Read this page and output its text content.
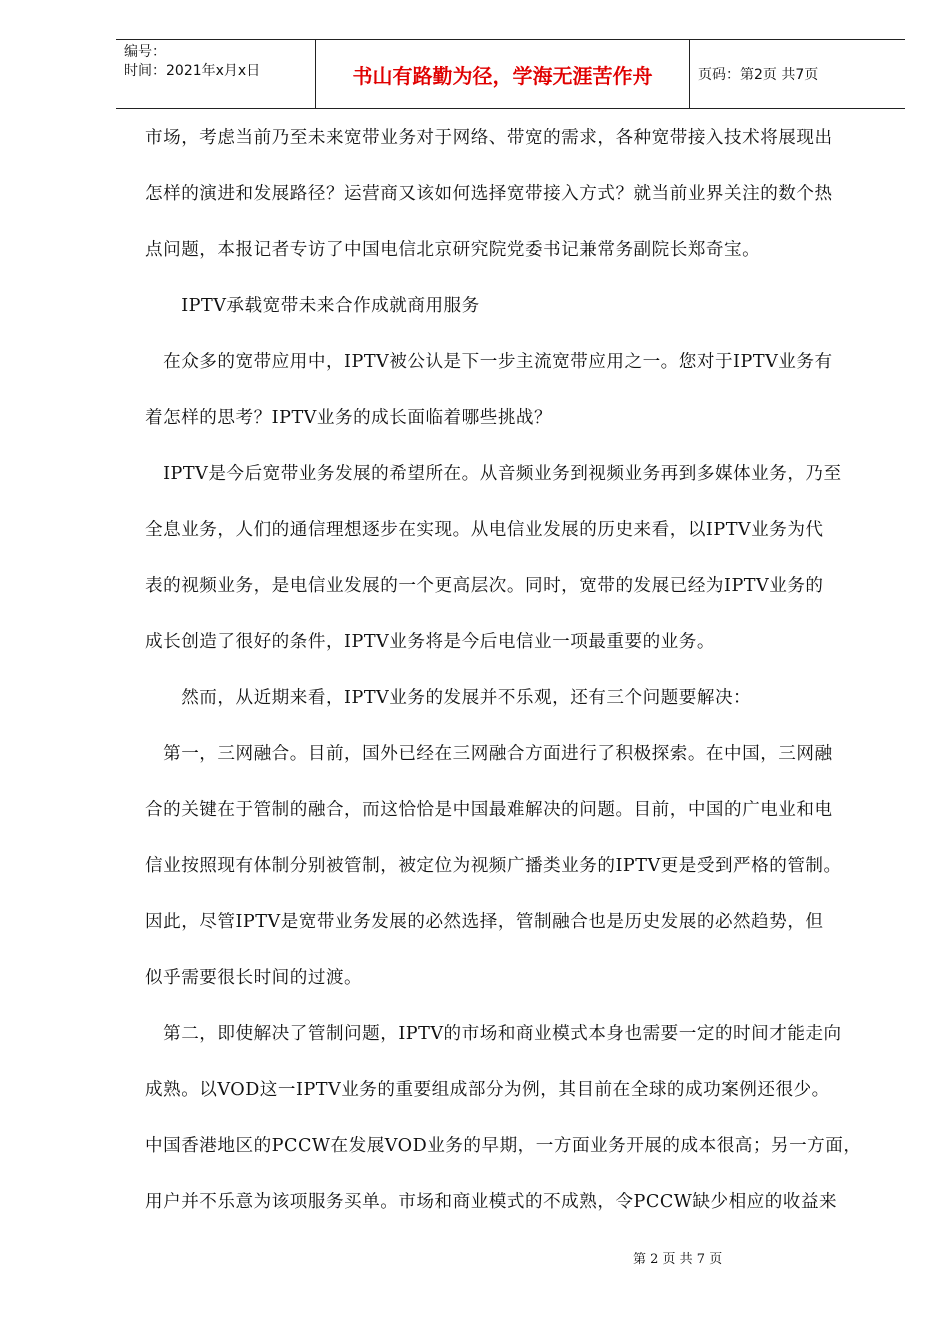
编号：
时间：2021年x月x日	书山有路勤为径，学海无涯苦作舟	页码：第2页 共7页
市场，考虑当前乃至未来宽带业务对于网络、带宽的需求，各种宽带接入技术将展现出
怎样的演进和发展路径？运营商又该如何选择宽带接入方式？就当前业界关注的数个热
点问题，本报记者专访了中国电信北京研究院党委书记兼常务副院长郑奇宝。
　　IPTV承载宽带未来合作成就商用服务
　在众多的宽带应用中，IPTV被公认是下一步主流宽带应用之一。您对于IPTV业务有
着怎样的思考？IPTV业务的成长面临着哪些挑战？
　IPTV是今后宽带业务发展的希望所在。从音频业务到视频业务再到多媒体业务，乃至
全息业务，人们的通信理想逐步在实现。从电信业发展的历史来看，以IPTV业务为代
表的视频业务，是电信业发展的一个更高层次。同时，宽带的发展已经为IPTV业务的
成长创造了很好的条件，IPTV业务将是今后电信业一项最重要的业务。
　　然而，从近期来看，IPTV业务的发展并不乐观，还有三个问题要解决：
　第一，三网融合。目前，国外已经在三网融合方面进行了积极探索。在中国，三网融
合的关键在于管制的融合，而这恰恰是中国最难解决的问题。目前，中国的广电业和电
信业按照现有体制分别被管制，被定位为视频广播类业务的IPTV更是受到严格的管制。
因此，尽管IPTV是宽带业务发展的必然选择，管制融合也是历史发展的必然趋势，但
似乎需要很长时间的过渡。
　第二，即使解决了管制问题，IPTV的市场和商业模式本身也需要一定的时间才能走向
成熟。以VOD这一IPTV业务的重要组成部分为例，其目前在全球的成功案例还很少。
中国香港地区的PCCW在发展VOD业务的早期，一方面业务开展的成本很高；另一方面，
用户并不乐意为该项服务买单。市场和商业模式的不成熟，令PCCW缺少相应的收益来
第 2 页 共 7 页
